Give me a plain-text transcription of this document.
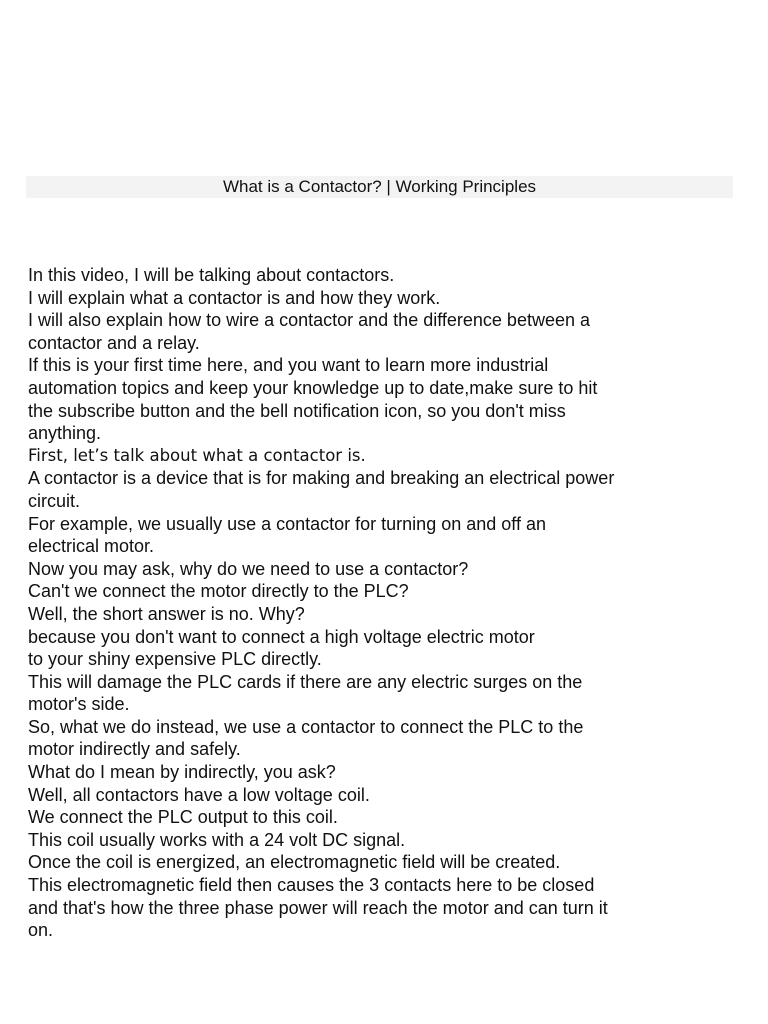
What is a Contactor? | Working Principles
In this video, I will be talking about contactors.
I will explain what a contactor is and how they work.
I will also explain how to wire a contactor and the difference between a
contactor and a relay.
If this is your first time here, and you want to learn more industrial
automation topics and keep your knowledge up to date,make sure to hit
the subscribe button and the bell notification icon, so you don't miss
anything.
First, let’s talk about what a contactor is.
A contactor is a device that is for making and breaking an electrical power
circuit.
For example, we usually use a contactor for turning on and off an
electrical motor.
Now you may ask, why do we need to use a contactor?
Can't we connect the motor directly to the PLC?
Well, the short answer is no. Why?
because you don't want to connect a high voltage electric motor
to your shiny expensive PLC directly.
This will damage the PLC cards if there are any electric surges on the
motor's side.
So, what we do instead, we use a contactor to connect the PLC to the
motor indirectly and safely.
What do I mean by indirectly, you ask?
Well, all contactors have a low voltage coil.
We connect the PLC output to this coil.
This coil usually works with a 24 volt DC signal.
Once the coil is energized, an electromagnetic field will be created.
This electromagnetic field then causes the 3 contacts here to be closed
and that's how the three phase power will reach the motor and can turn it
on.
